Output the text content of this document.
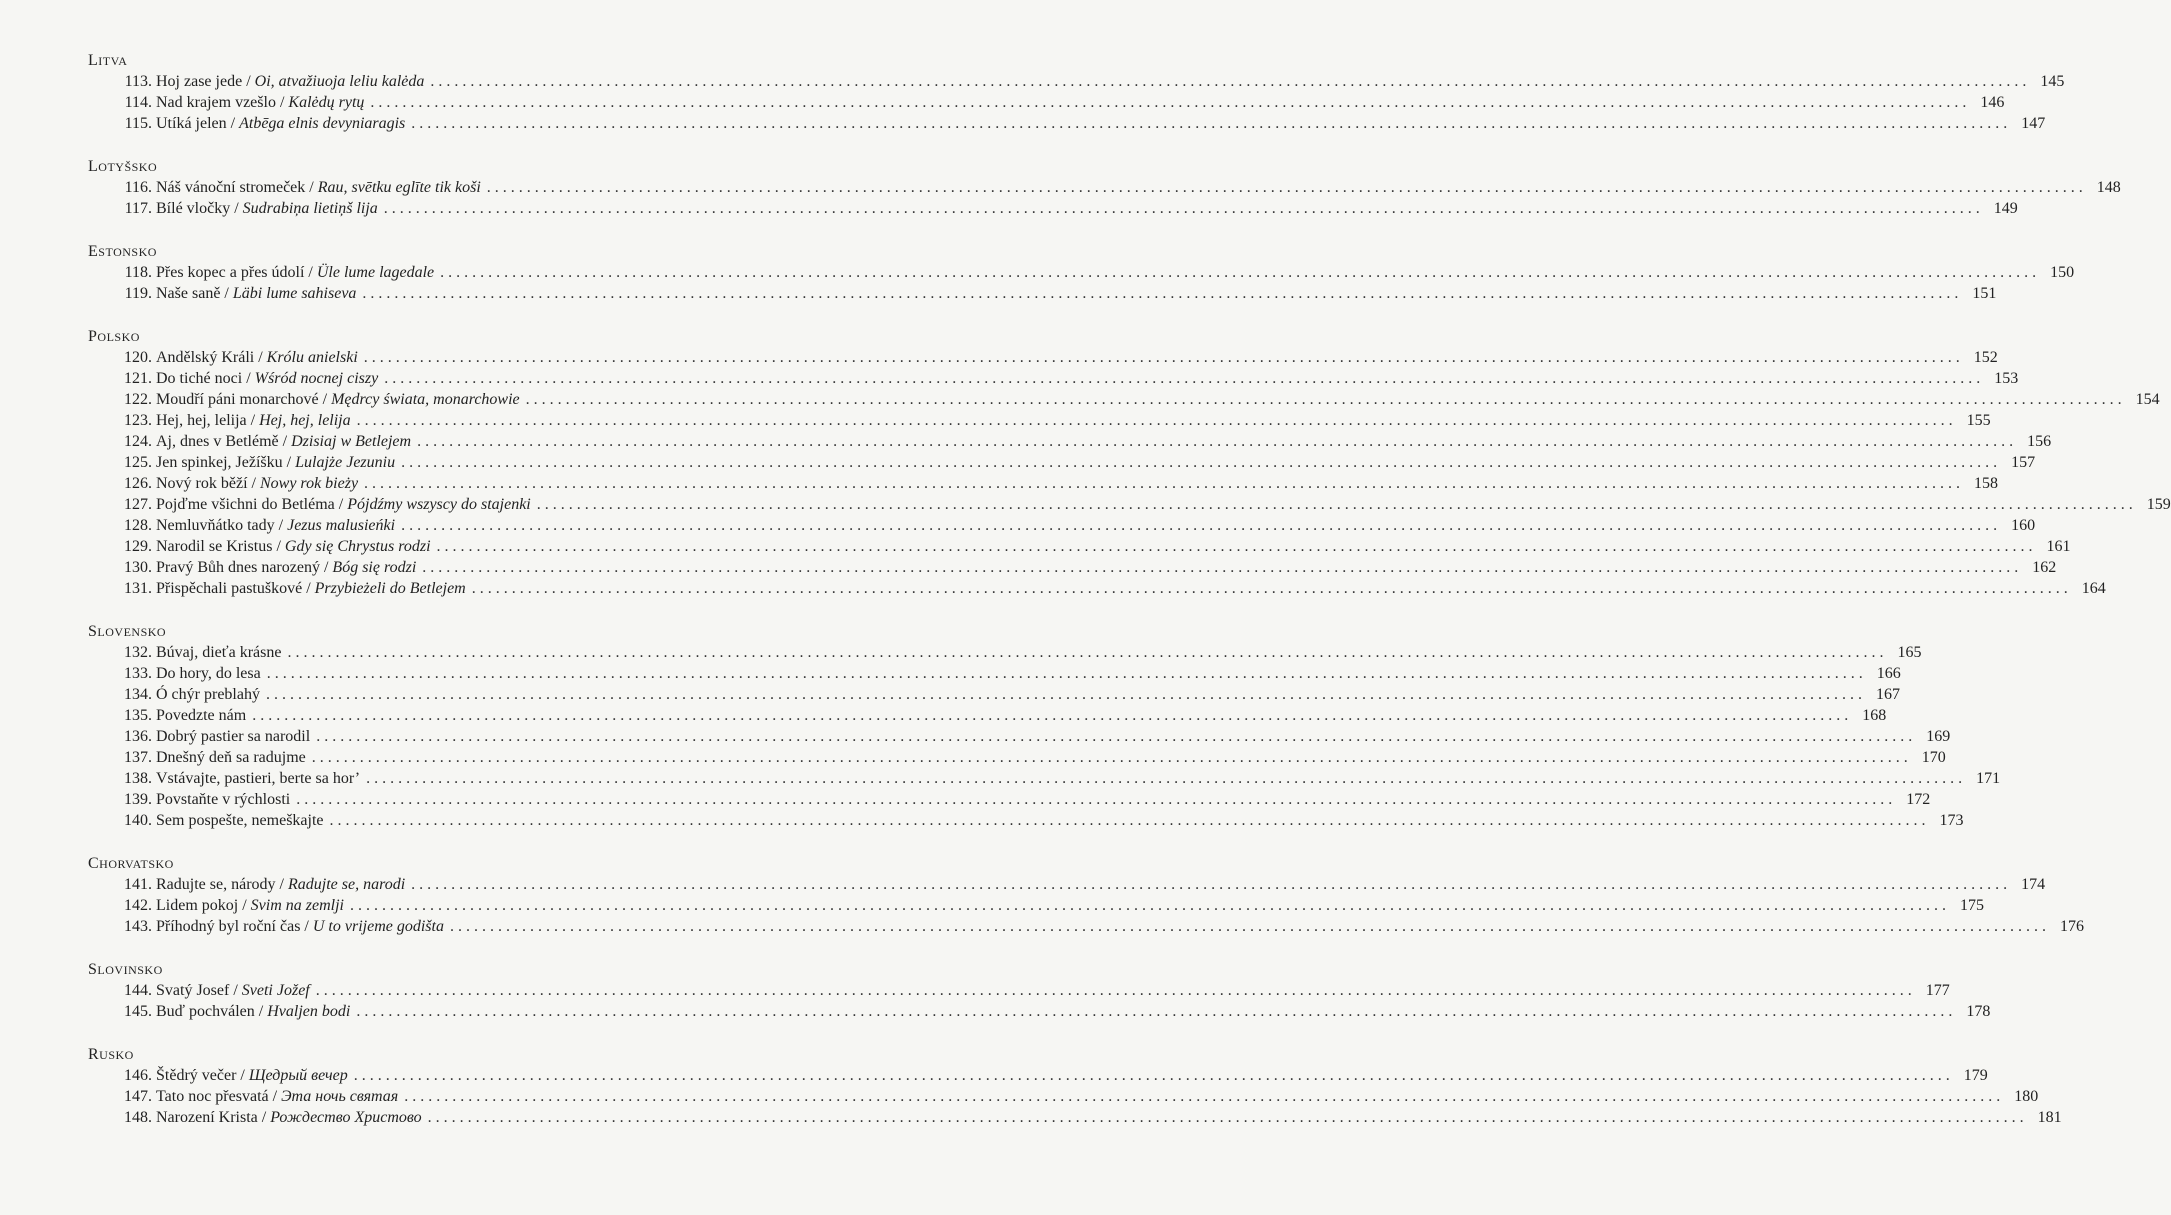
LITVA
113. Hoj zase jede / Oi, atvažiuoja leliu kalėda ........................................................................................................................................................................................................ 145
114. Nad krajem vzešlo / Kalėdų rytų ........................................................................................................................................................................................................ 146
115. Utíká jelen / Atbēga elnis devyniaragis ........................................................................................................................................................................................................ 147
LOTYŠSKO
116. Náš vánoční stromeček / Rau, svētku eglīte tik koši ........................................................................................................................................................................................................ 148
117. Bílé vločky / Sudrabiņa lietiņš lija ........................................................................................................................................................................................................ 149
ESTONSKO
118. Přes kopec a přes údolí / Üle lume lagedale ........................................................................................................................................................................................................ 150
119. Naše saně / Läbi lume sahiseva ........................................................................................................................................................................................................ 151
POLSKO
120. Andělský Králi / Królu anielski ........................................................................................................................................................................................................ 152
121. Do tiché noci / Wśród nocnej ciszy ........................................................................................................................................................................................................ 153
122. Moudří páni monarchové / Mędrcy świata, monarchowie ........................................................................................................................................................................................................ 154
123. Hej, hej, lelija / Hej, hej, lelija ........................................................................................................................................................................................................ 155
124. Aj, dnes v Betlémě / Dzisiaj w Betlejem ........................................................................................................................................................................................................ 156
125. Jen spinkej, Ježíšku / Lulajże Jezuniu ........................................................................................................................................................................................................ 157
126. Nový rok běží / Nowy rok bieży ........................................................................................................................................................................................................ 158
127. Pojďme všichni do Betléma / Pójdźmy wszyscy do stajenki ........................................................................................................................................................................................................ 159
128. Nemluvňátko tady / Jezus malusieńki ........................................................................................................................................................................................................ 160
129. Narodil se Kristus / Gdy się Chrystus rodzi ........................................................................................................................................................................................................ 161
130. Pravý Bůh dnes narozený / Bóg się rodzi ........................................................................................................................................................................................................ 162
131. Přispěchali pastuškové / Przybieżeli do Betlejem ........................................................................................................................................................................................................ 164
SLOVENSKO
132. Búvaj, dieťa krásne ........................................................................................................................................................................................................ 165
133. Do hory, do lesa ........................................................................................................................................................................................................ 166
134. Ó chýr preblahý ........................................................................................................................................................................................................ 167
135. Povedzte nám ........................................................................................................................................................................................................ 168
136. Dobrý pastier sa narodil ........................................................................................................................................................................................................ 169
137. Dnešný deň sa radujme ........................................................................................................................................................................................................ 170
138. Vstávajte, pastieri, berte sa hor’ ........................................................................................................................................................................................................ 171
139. Povstaňte v rýchlosti ........................................................................................................................................................................................................ 172
140. Sem pospešte, nemeškajte ........................................................................................................................................................................................................ 173
CHORVATSKO
141. Radujte se, národy / Radujte se, narodi ........................................................................................................................................................................................................ 174
142. Lidem pokoj / Svim na zemlji ........................................................................................................................................................................................................ 175
143. Příhodný byl roční čas / U to vrijeme godišta ........................................................................................................................................................................................................ 176
SLOVINSKO
144. Svatý Josef / Sveti Jožef ........................................................................................................................................................................................................ 177
145. Buď pochválen / Hvaljen bodi ........................................................................................................................................................................................................ 178
RUSKO
146. Štědrý večer / Щедрый вечер ........................................................................................................................................................................................................ 179
147. Tato noc přesvatá / Эта ночь святая ........................................................................................................................................................................................................ 180
148. Narození Krista / Рождество Христово ........................................................................................................................................................................................................ 181
